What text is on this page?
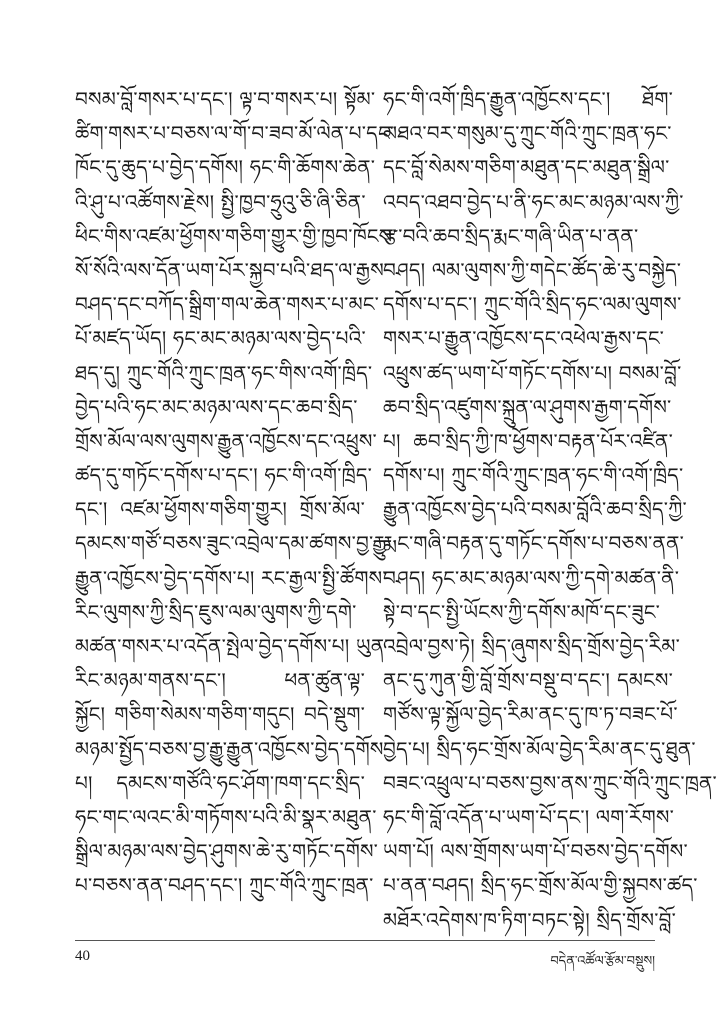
བསམ་བློ་གསར་པ་དང་། ལྟ་བ་གསར་པ། སྟོམ་
ཚིག་གསར་པ་བཅས་ལ་གོ་བ་ཟབ་མོ་ལེན་པ་དང་
ཁོང་དུ་ཆུད་པ་བྱེད་དགོས། ཧང་གི་ཆོགས་ཆེན་
འི་ཤུ་པ་འཚོགས་རྗེས། སྤྱི་ཁྱབ་ཧྲུའུ་ཅི་ཞི་ཅིན་
ཕིང་གིས་འཛམ་ཕྱོགས་གཅིག་གྱུར་གྱི་ཁྱབ་ཁོངས་
སོ་སོའི་ལས་དོན་ཡག་པོར་སྐྱབ་པའི་ཐད་ལ་རྒྱས་
བཤད་དང་བཀོད་སྒྲིག་གལ་ཆེན་གསར་པ་མང་
པོ་མཛད་ཡོད། ཧང་མང་མཉམ་ལས་བྱེད་པའི་
ཐད་དུ། ཀྲུང་གོའི་ཀྲུང་ཁྲན་ཧང་གིས་འགོ་ཁྲིད་
བྱེད་པའི་ཧང་མང་མཉམ་ལས་དང་ཆབ་སྲིད་
གྲོས་མོལ་ལས་ལུགས་རྒྱུན་འཁྱོངས་དང་འཕྲུས་
ཚད་དུ་གཏོང་དགོས་པ་དང་། ཧང་གི་འགོ་ཁྲིད་
དང་། འཛམ་ཕྱོགས་གཅིག་གྱུར། གྲོས་མོལ་
དམངས་གཙོ་བཅས་ཟུང་འབྲེལ་དམ་ཚགས་བྱ་རྒྱུ་
རྒྱུན་འཁྱོངས་བྱེད་དགོས་པ། རང་རྒྱལ་སྤྱི་ཚོགས་
རིང་ལུགས་ཀྱི་སྲིད་ཇུས་ལམ་ལུགས་ཀྱི་དགེ་
མཚན་གསར་པ་འདོན་སྤེལ་བྱེད་དགོས་པ། ཡུན་
རིང་མཉམ་གནས་དང་། ཕན་ཚུན་ལྟ་
སྐྱོང། གཅིག་སེམས་གཅིག་གདུང། བདེ་སྡུག་
མཉམ་སྤྱོད་བཅས་བྱ་རྒྱུ་རྒྱུན་འཁྱོངས་བྱེད་དགོས་
པ། དམངས་གཙོའི་ཧང་ཤོག་ཁག་དང་སྲིད་
ཧང་གང་ལའང་མི་གཏོགས་པའི་མི་སྣར་མཐུན་
སྒྲིལ་མཉམ་ལས་བྱེད་ཤུགས་ཆེ་རུ་གཏོང་དགོས་
པ་བཅས་ནན་བཤད་དང་། ཀྲུང་གོའི་ཀྲུང་ཁྲན་
ཧང་གི་འགོ་ཁྲིད་རྒྱུན་འཁྱོངས་དང་། ཐོག་
མཐའ་བར་གསུམ་དུ་ཀྲུང་གོའི་ཀྲུང་ཁྲན་ཧང་
དང་བློ་སེམས་གཅིག་མཐུན་དང་མཐུན་སྒྲིལ་
འབད་འཐབ་བྱེད་པ་ནི་ཧང་མང་མཉམ་ལས་ཀྱི་
རྩ་བའི་ཆབ་སྲིད་རྨང་གཞི་ཡིན་པ་ནན་
བཤད། ལམ་ལུགས་ཀྱི་གདེང་ཚོད་ཆེ་རུ་བསྐྱེད་
དགོས་པ་དང་། ཀྲུང་གོའི་སྲིད་ཧང་ལམ་ལུགས་
གསར་པ་རྒྱུན་འཁྱོངས་དང་འཕེལ་རྒྱས་དང་
འཕྲུས་ཚད་ཡག་པོ་གཏོང་དགོས་པ། བསམ་བློ་
ཆབ་སྲིད་འཛུགས་སྐྲུན་ལ་ཤུགས་རྒྱག་དགོས་
པ། ཆབ་སྲིད་ཀྱི་ཁ་ཕྱོགས་བརྟན་པོར་འཛིན་
དགོས་པ། ཀྲུང་གོའི་ཀྲུང་ཁྲན་ཧང་གི་འགོ་ཁྲིད་
རྒྱུན་འཁྱོངས་བྱེད་པའི་བསམ་བློའི་ཆབ་སྲིད་ཀྱི་
རྨང་གཞི་བརྟན་དུ་གཏོང་དགོས་པ་བཅས་ནན་
བཤད། ཧང་མང་མཉམ་ལས་ཀྱི་དགེ་མཚན་ནི་
སྟེ་བ་དང་སྤྱི་ཡོངས་ཀྱི་དགོས་མཁོ་དང་ཟུང་
འབྲེལ་བྱས་ཏེ། སྲིད་ཞུགས་སྲིད་གྲོས་བྱེད་རིམ་
ནང་དུ་ཀུན་གྱི་བློ་གྲོས་བསྡུ་བ་དང་། དམངས་
གཙོས་ལྟ་སྐྱོལ་བྱེད་རིམ་ནང་དུ་ཁ་ཏ་བཟང་པོ་
བྱེད་པ། སྲིད་ཧང་གྲོས་མོལ་བྱེད་རིམ་ནང་དུ་ཐུན་
བཟང་འཕྲུལ་པ་བཅས་བྱས་ནས་ཀྲུང་གོའི་ཀྲུང་ཁྲན་
ཧང་གི་བློ་འདོན་པ་ཡག་པོ་དང་། ལག་རོགས་
ཡག་པོ། ལས་གྲོགས་ཡག་པོ་བཅས་བྱེད་དགོས་
པ་ནན་བཤད། སྲིད་ཧང་གྲོས་མོལ་གྱི་སྐྱབས་ཚད་
མཐོར་འདེགས་ཁ་ཏིག་བཏང་སྟེ། སྲིད་གྲོས་བློ་
40	བདེན་འཚོལ་རྩོམ་བསྡུས།
